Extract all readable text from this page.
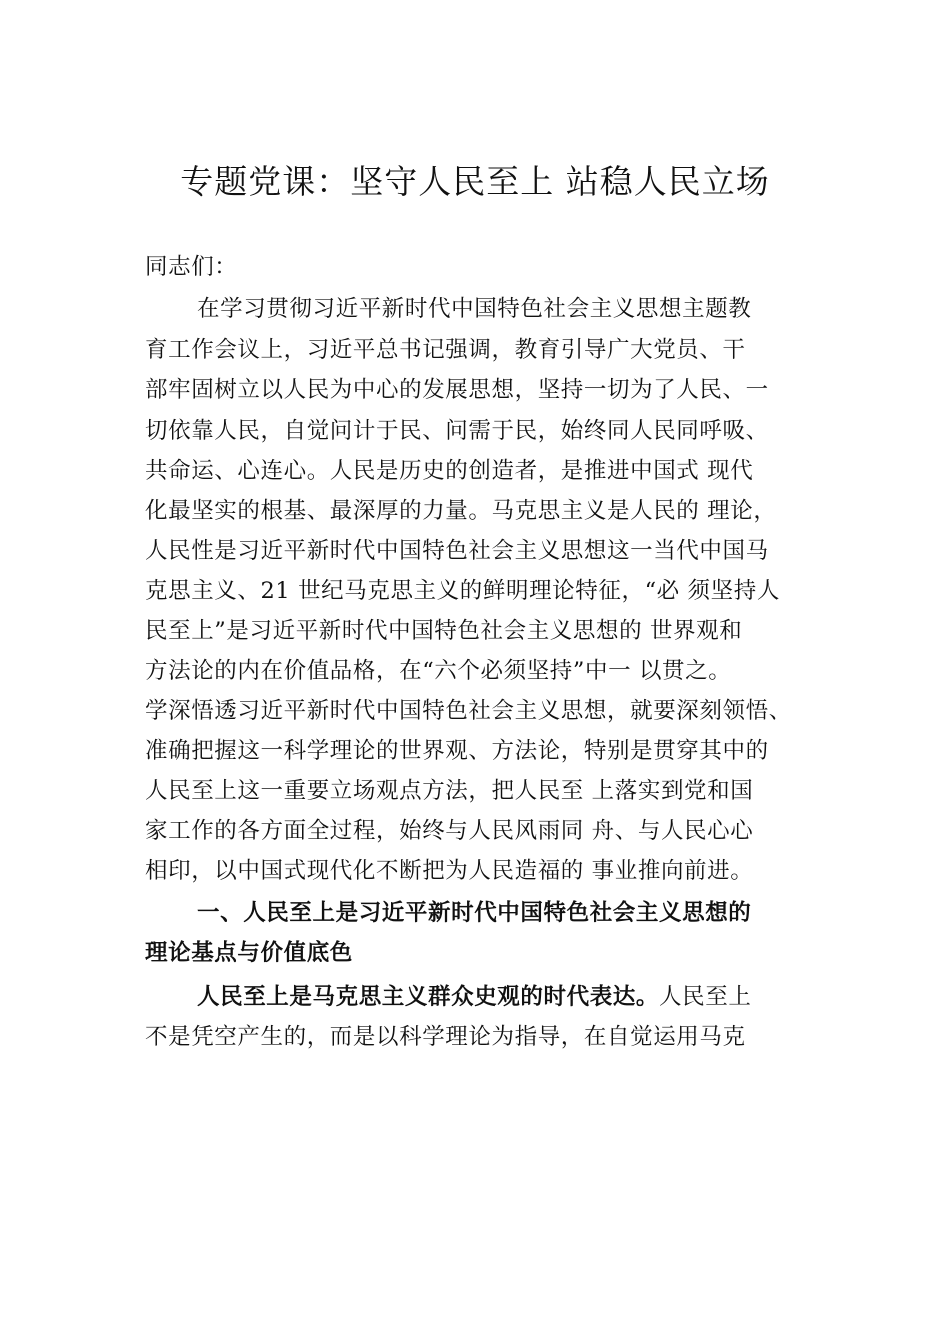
专题党课：坚守人民至上 站稳人民立场
同志们：
在学习贯彻习近平新时代中国特色社会主义思想主题教
育工作会议上，习近平总书记强调，教育引导广大党员、干
部牢固树立以人民为中心的发展思想，坚持一切为了人民、一
切依靠人民，自觉问计于民、问需于民，始终同人民同呼吸、
共命运、心连心。人民是历史的创造者，是推进中国式 现代
化最坚实的根基、最深厚的力量。马克思主义是人民的 理论，
人民性是习近平新时代中国特色社会主义思想这一当代中国马
克思主义、21 世纪马克思主义的鲜明理论特征，“必 须坚持人
民至上”是习近平新时代中国特色社会主义思想的 世界观和
方法论的内在价值品格，在“六个必须坚持”中一 以贯之。
学深悟透习近平新时代中国特色社会主义思想，就要深刻领悟、
准确把握这一科学理论的世界观、方法论，特别是贯穿其中的
人民至上这一重要立场观点方法，把人民至 上落实到党和国
家工作的各方面全过程，始终与人民风雨同 舟、与人民心心
相印，以中国式现代化不断把为人民造福的 事业推向前进。
一、人民至上是习近平新时代中国特色社会主义思想的
理论基点与价值底色
人民至上是马克思主义群众史观的时代表达。人民至上
不是凭空产生的，而是以科学理论为指导，在自觉运用马克
